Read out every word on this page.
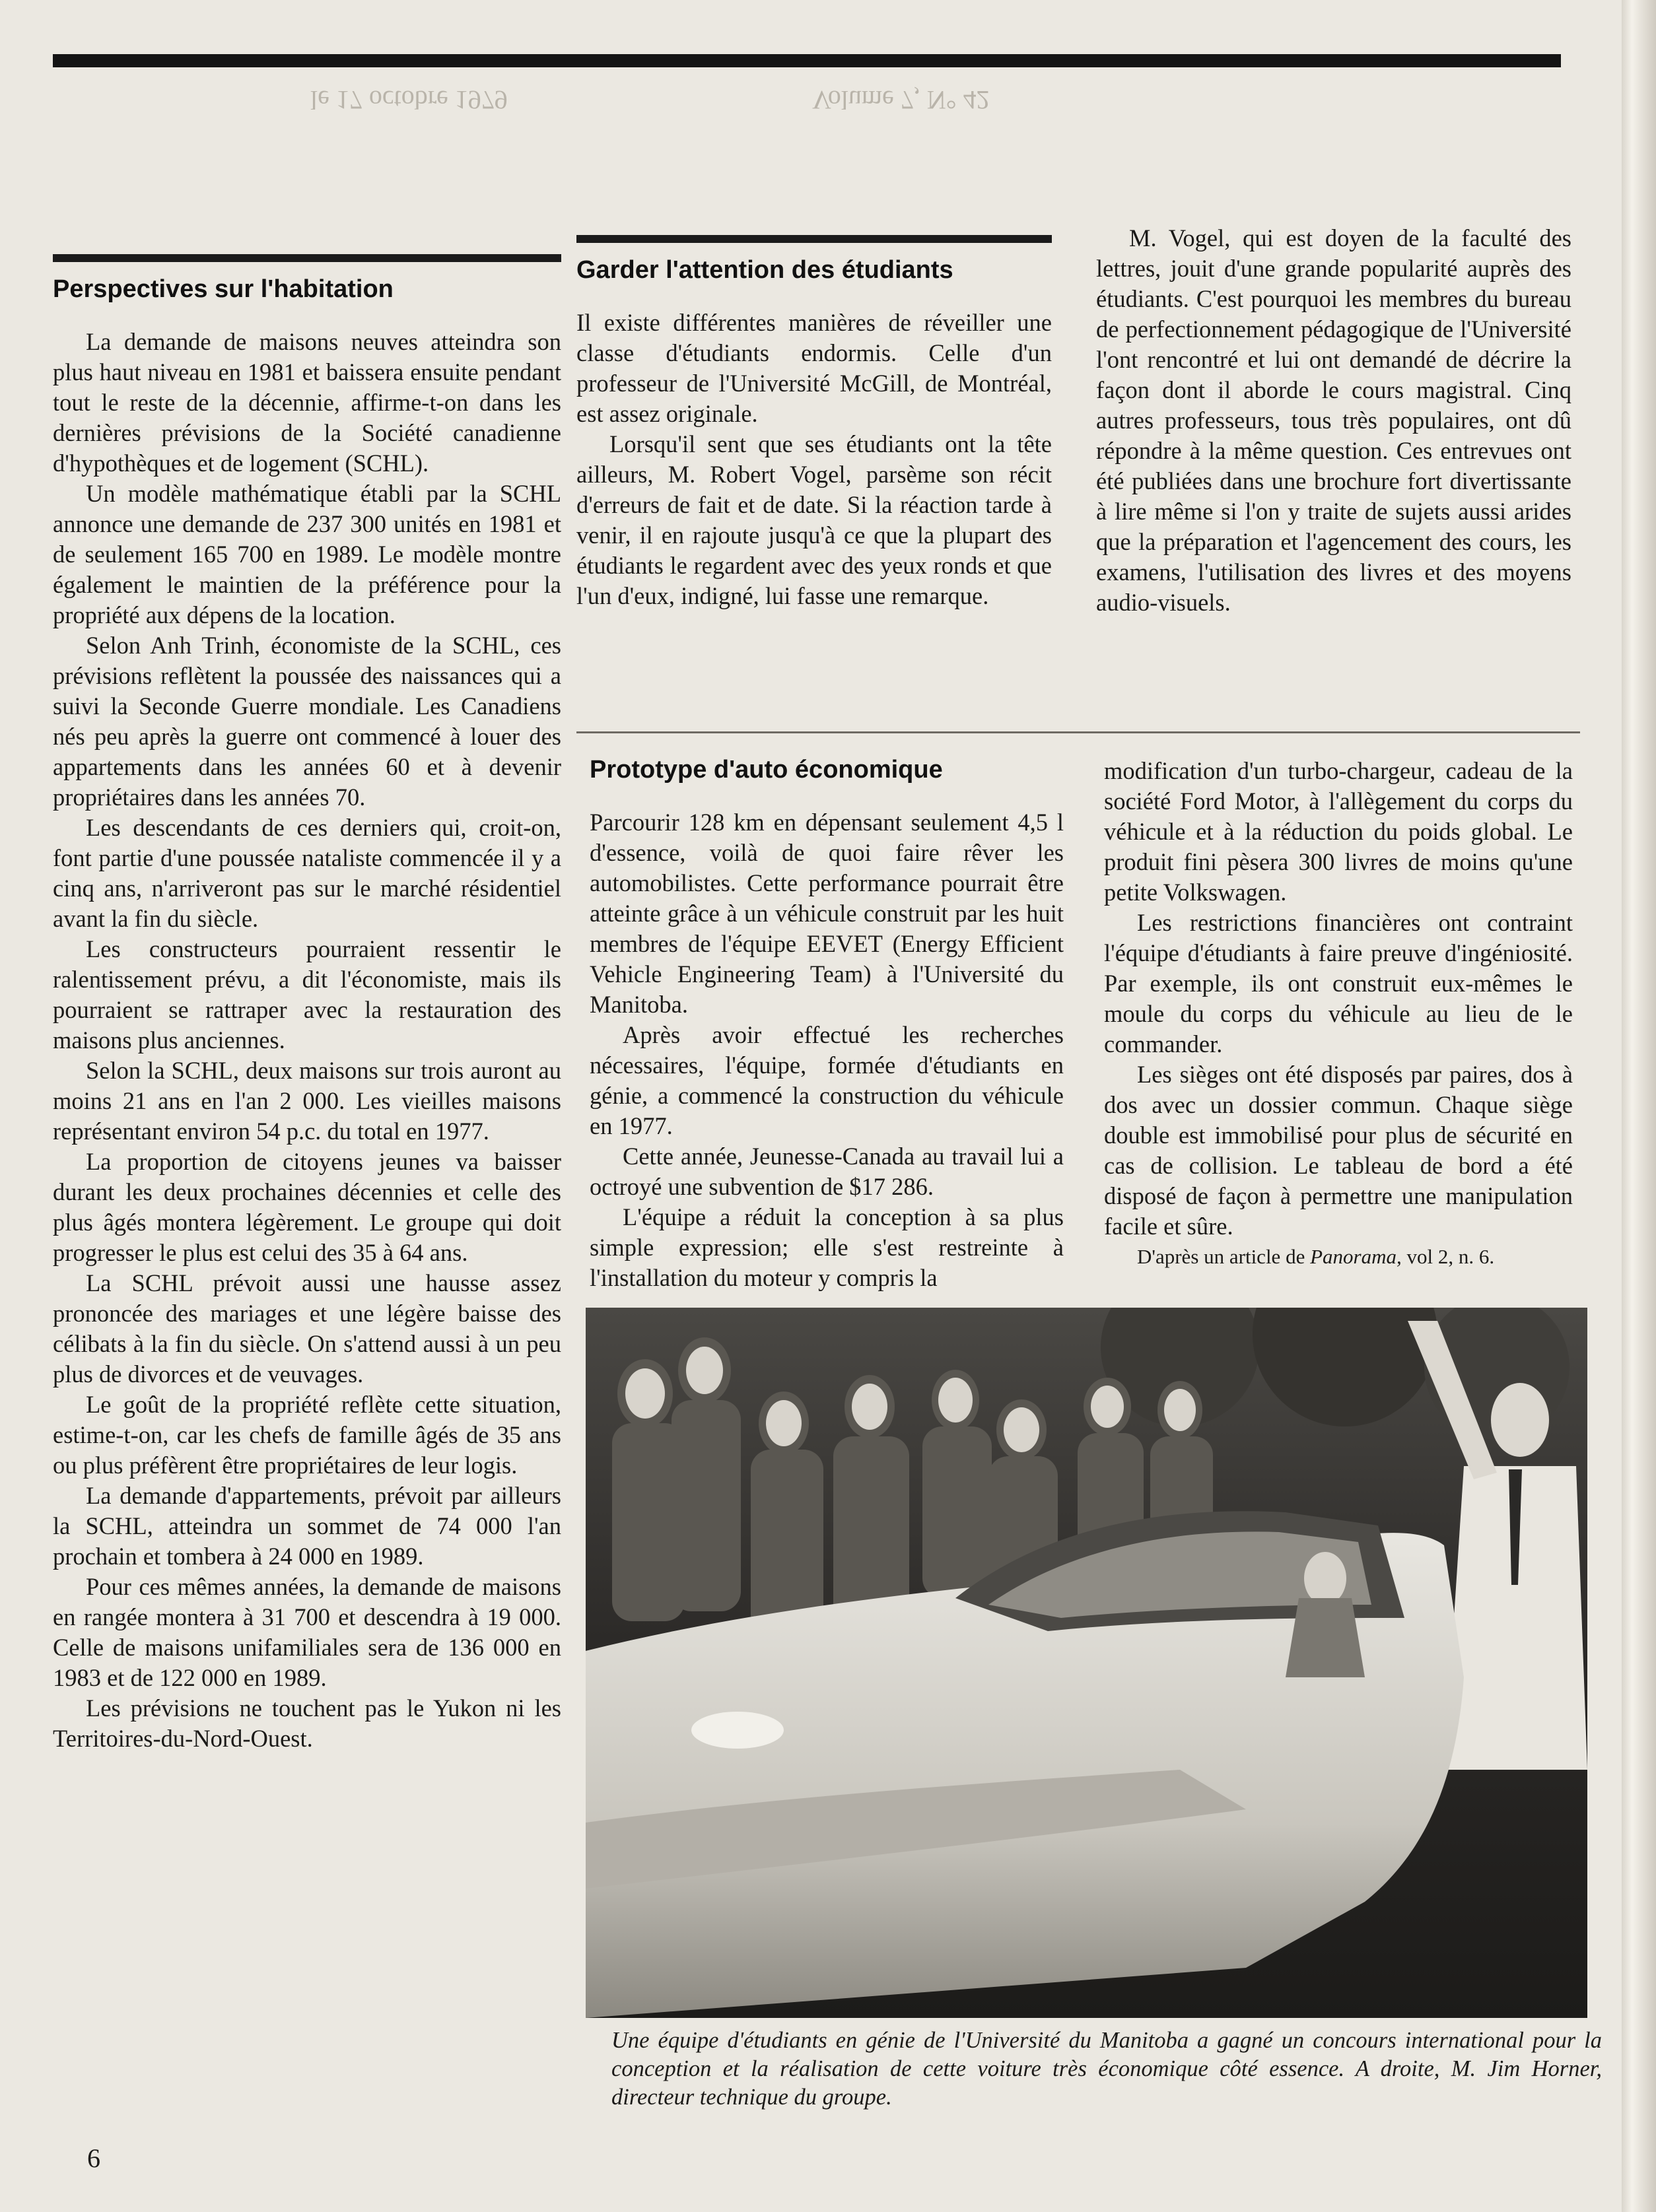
Volume 7, N° 42
le 17 octobre 1979
Perspectives sur l'habitation

La demande de maisons neuves atteindra son plus haut niveau en 1981 et baissera ensuite pendant tout le reste de la décennie, affirme-t-on dans les dernières prévisions de la Société canadienne d'hypothèques et de logement (SCHL).

Un modèle mathématique établi par la SCHL annonce une demande de 237 300 unités en 1981 et de seulement 165 700 en 1989. Le modèle montre également le maintien de la préférence pour la propriété aux dépens de la location.

Selon Anh Trinh, économiste de la SCHL, ces prévisions reflètent la poussée des naissances qui a suivi la Seconde Guerre mondiale. Les Canadiens nés peu après la guerre ont commencé à louer des appartements dans les années 60 et à devenir propriétaires dans les années 70.

Les descendants de ces derniers qui, croit-on, font partie d'une poussée nataliste commencée il y a cinq ans, n'arriveront pas sur le marché résidentiel avant la fin du siècle.

Les constructeurs pourraient ressentir le ralentissement prévu, a dit l'économiste, mais ils pourraient se rattraper avec la restauration des maisons plus anciennes.

Selon la SCHL, deux maisons sur trois auront au moins 21 ans en l'an 2 000. Les vieilles maisons représentant environ 54 p.c. du total en 1977.

La proportion de citoyens jeunes va baisser durant les deux prochaines décennies et celle des plus âgés montera légèrement. Le groupe qui doit progresser le plus est celui des 35 à 64 ans.

La SCHL prévoit aussi une hausse assez prononcée des mariages et une légère baisse des célibats à la fin du siècle. On s'attend aussi à un peu plus de divorces et de veuvages.

Le goût de la propriété reflète cette situation, estime-t-on, car les chefs de famille âgés de 35 ans ou plus préfèrent être propriétaires de leur logis.

La demande d'appartements, prévoit par ailleurs la SCHL, atteindra un sommet de 74 000 l'an prochain et tombera à 24 000 en 1989.

Pour ces mêmes années, la demande de maisons en rangée montera à 31 700 et descendra à 19 000. Celle de maisons unifamiliales sera de 136 000 en 1983 et de 122 000 en 1989.

Les prévisions ne touchent pas le Yukon ni les Territoires-du-Nord-Ouest.

Garder l'attention des étudiants

Il existe différentes manières de réveiller une classe d'étudiants endormis. Celle d'un professeur de l'Université McGill, de Montréal, est assez originale.

Lorsqu'il sent que ses étudiants ont la tête ailleurs, M. Robert Vogel, parsème son récit d'erreurs de fait et de date. Si la réaction tarde à venir, il en rajoute jusqu'à ce que la plupart des étudiants le regardent avec des yeux ronds et que l'un d'eux, indigné, lui fasse une remarque.

M. Vogel, qui est doyen de la faculté des lettres, jouit d'une grande popularité auprès des étudiants. C'est pourquoi les membres du bureau de perfectionnement pédagogique de l'Université l'ont rencontré et lui ont demandé de décrire la façon dont il aborde le cours magistral. Cinq autres professeurs, tous très populaires, ont dû répondre à la même question. Ces entrevues ont été publiées dans une brochure fort divertissante à lire même si l'on y traite de sujets aussi arides que la préparation et l'agencement des cours, les examens, l'utilisation des livres et des moyens audio-visuels.

Prototype d'auto économique

Parcourir 128 km en dépensant seulement 4,5 l d'essence, voilà de quoi faire rêver les automobilistes. Cette performance pourrait être atteinte grâce à un véhicule construit par les huit membres de l'équipe EEVET (Energy Efficient Vehicle Engineering Team) à l'Université du Manitoba.

Après avoir effectué les recherches nécessaires, l'équipe, formée d'étudiants en génie, a commencé la construction du véhicule en 1977.

Cette année, Jeunesse-Canada au travail lui a octroyé une subvention de $17 286.

L'équipe a réduit la conception à sa plus simple expression; elle s'est restreinte à l'installation du moteur y compris la

modification d'un turbo-chargeur, cadeau de la société Ford Motor, à l'allègement du corps du véhicule et à la réduction du poids global. Le produit fini pèsera 300 livres de moins qu'une petite Volkswagen.

Les restrictions financières ont contraint l'équipe d'étudiants à faire preuve d'ingéniosité. Par exemple, ils ont construit eux-mêmes le moule du corps du véhicule au lieu de le commander.

Les sièges ont été disposés par paires, dos à dos avec un dossier commun. Chaque siège double est immobilisé pour plus de sécurité en cas de collision. Le tableau de bord a été disposé de façon à permettre une manipulation facile et sûre.

D'après un article de Panorama, vol 2, n. 6.

Une équipe d'étudiants en génie de l'Université du Manitoba a gagné un concours international pour la conception et la réalisation de cette voiture très économique côté essence. A droite, M. Jim Horner, directeur technique du groupe.

6
